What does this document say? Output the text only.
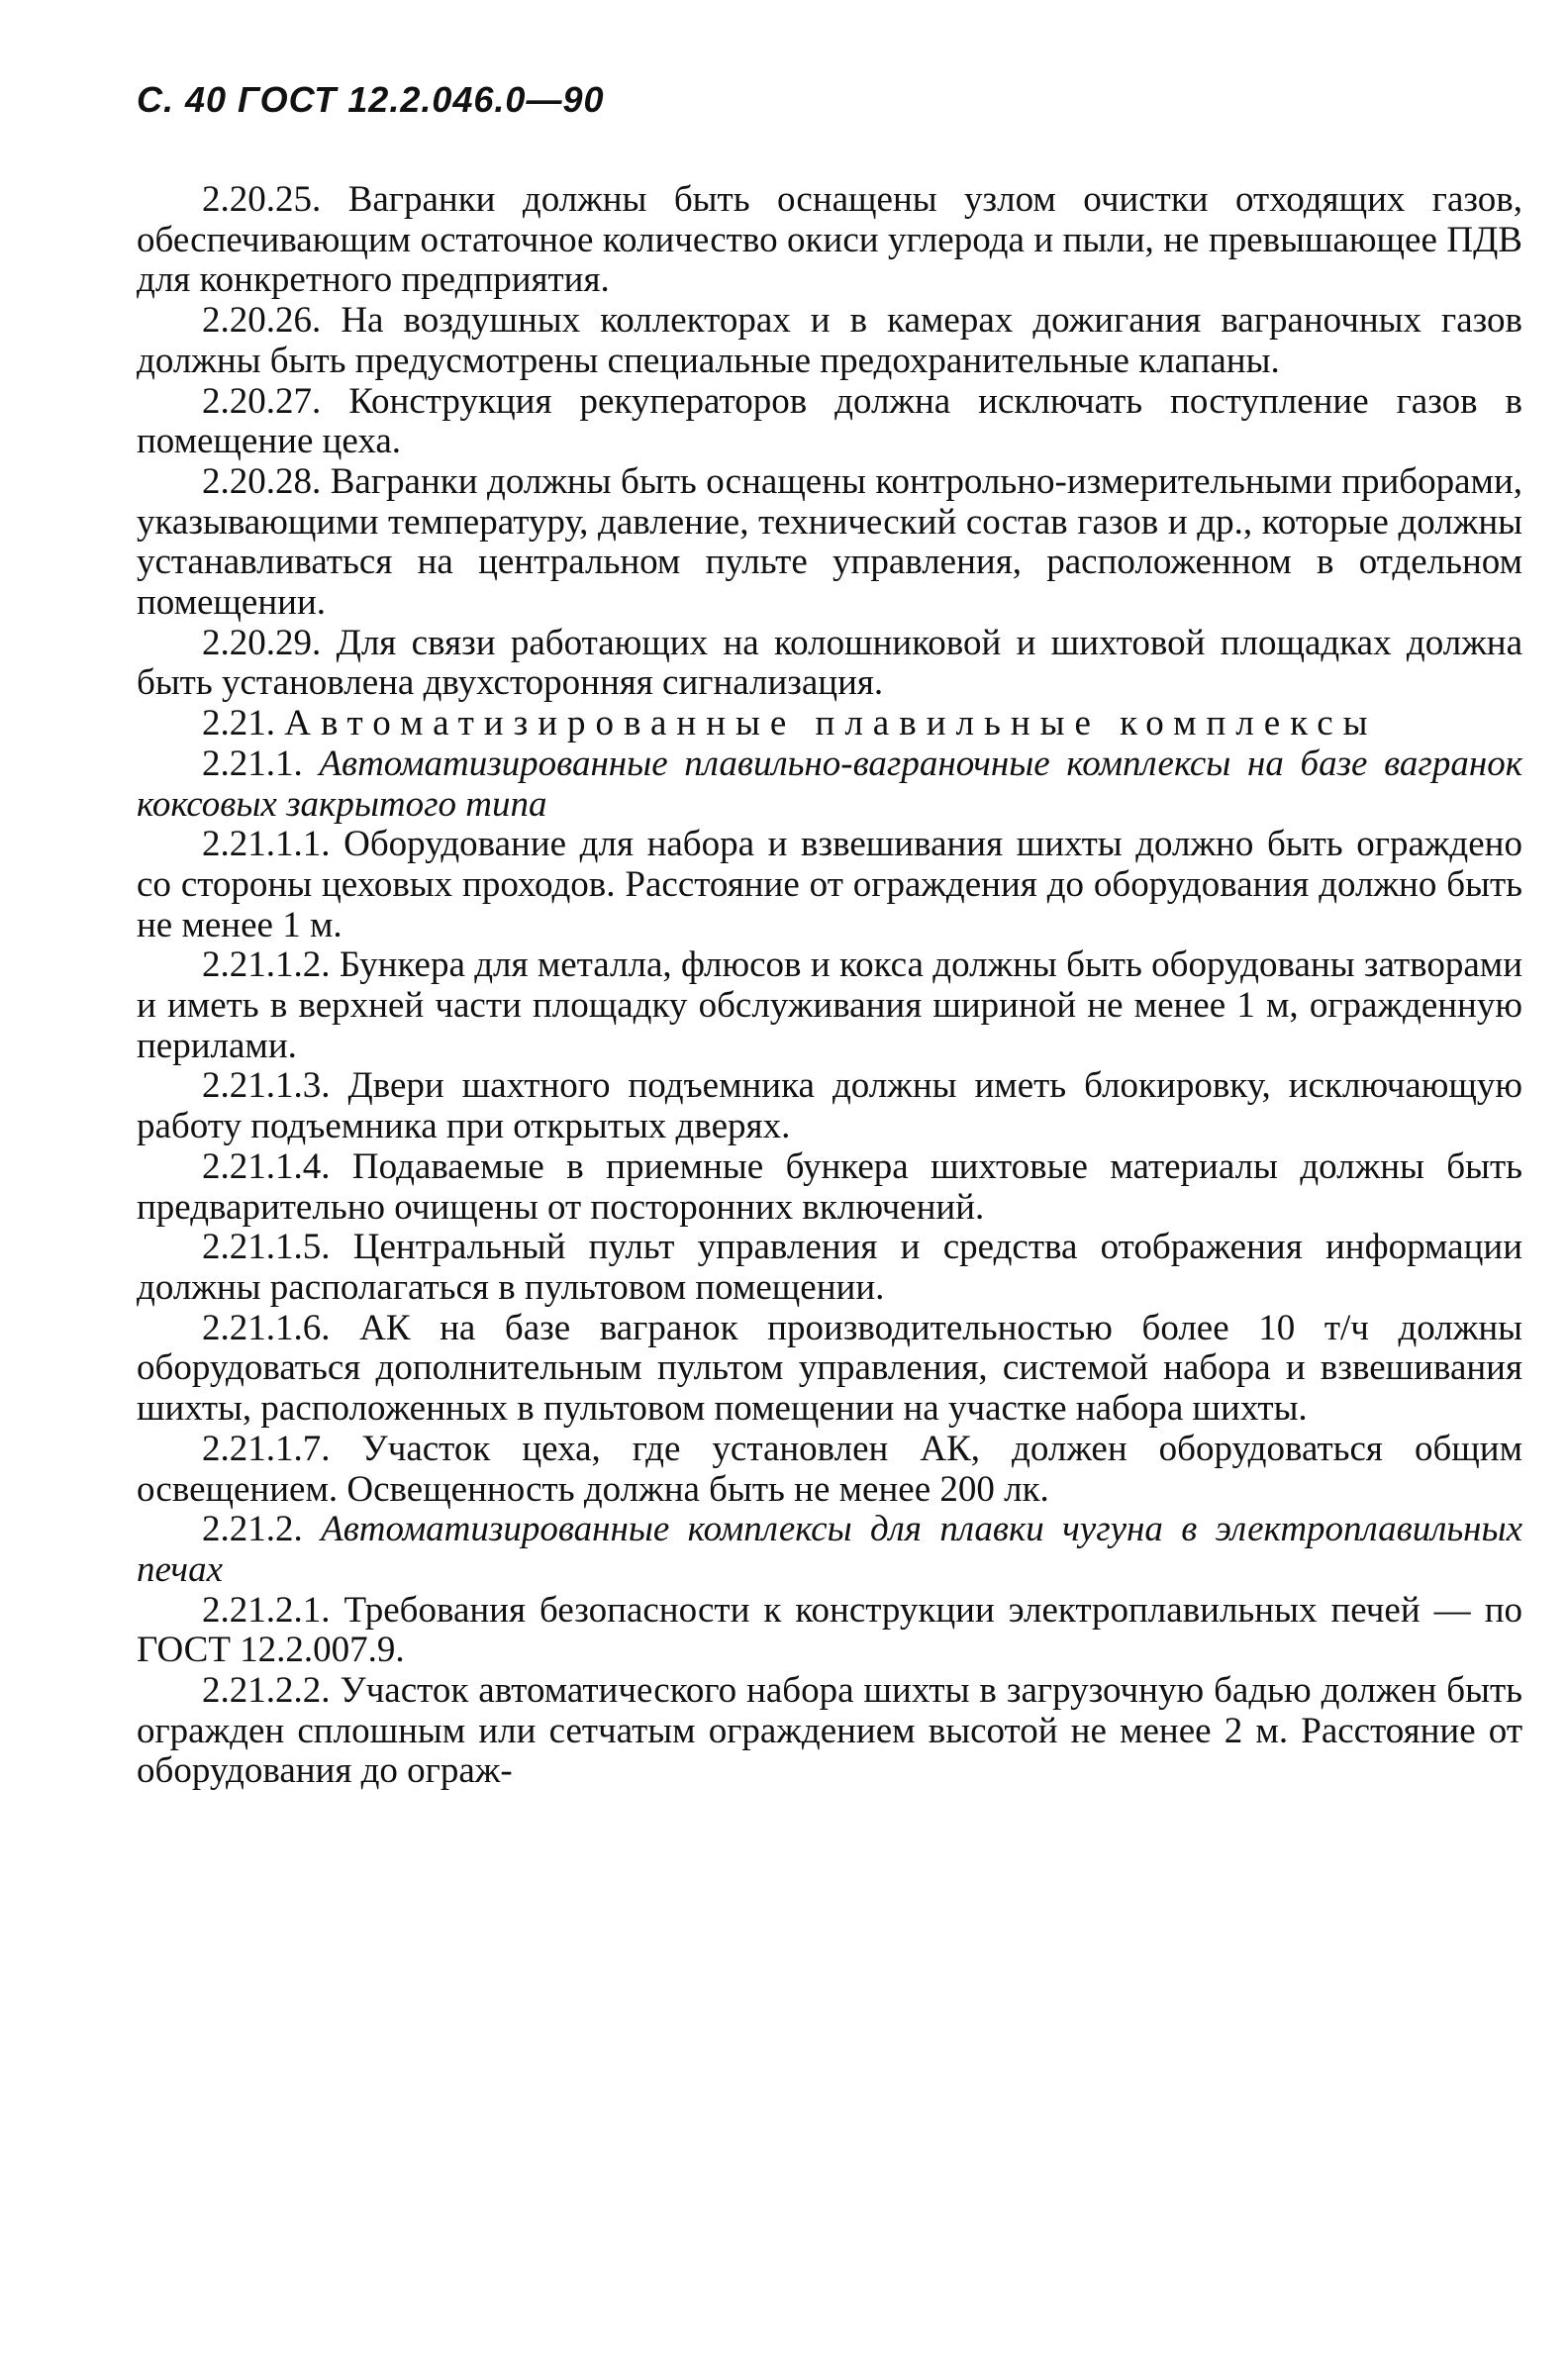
С. 40 ГОСТ 12.2.046.0—90

2.20.25. Вагранки должны быть оснащены узлом очистки отходящих газов, обеспечивающим остаточное количество окиси углерода и пыли, не превышающее ПДВ для конкретного предприятия.

2.20.26. На воздушных коллекторах и в камерах дожигания ваграночных газов должны быть предусмотрены специальные предохранительные клапаны.

2.20.27. Конструкция рекуператоров должна исключать поступление газов в помещение цеха.

2.20.28. Вагранки должны быть оснащены контрольно-измерительными приборами, указывающими температуру, давление, технический состав газов и др., которые должны устанавливаться на центральном пульте управления, расположенном в отдельном помещении.

2.20.29. Для связи работающих на колошниковой и шихтовой площадках должна быть установлена двухсторонняя сигнализация.

2.21. Автоматизированные плавильные комплексы

2.21.1. Автоматизированные плавильно-ваграночные комплексы на базе вагранок коксовых закрытого типа

2.21.1.1. Оборудование для набора и взвешивания шихты должно быть ограждено со стороны цеховых проходов. Расстояние от ограждения до оборудования должно быть не менее 1 м.

2.21.1.2. Бункера для металла, флюсов и кокса должны быть оборудованы затворами и иметь в верхней части площадку обслуживания шириной не менее 1 м, огражденную перилами.

2.21.1.3. Двери шахтного подъемника должны иметь блокировку, исключающую работу подъемника при открытых дверях.

2.21.1.4. Подаваемые в приемные бункера шихтовые материалы должны быть предварительно очищены от посторонних включений.

2.21.1.5. Центральный пульт управления и средства отображения информации должны располагаться в пультовом помещении.

2.21.1.6. АК на базе вагранок производительностью более 10 т/ч должны оборудоваться дополнительным пультом управления, системой набора и взвешивания шихты, расположенных в пультовом помещении на участке набора шихты.

2.21.1.7. Участок цеха, где установлен АК, должен оборудоваться общим освещением. Освещенность должна быть не менее 200 лк.

2.21.2. Автоматизированные комплексы для плавки чугуна в электроплавильных печах

2.21.2.1. Требования безопасности к конструкции электроплавильных печей — по ГОСТ 12.2.007.9.

2.21.2.2. Участок автоматического набора шихты в загрузочную бадью должен быть огражден сплошным или сетчатым ограждением высотой не менее 2 м. Расстояние от оборудования до ограж-
